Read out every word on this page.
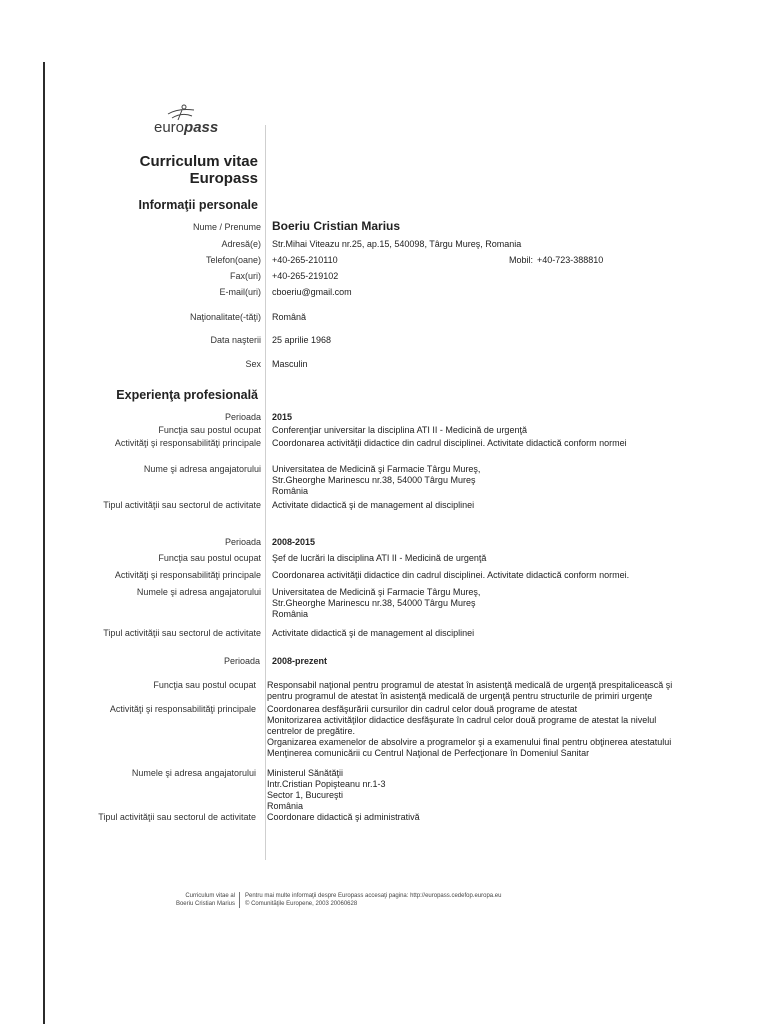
europass
Curriculum vitae
Europass
Informaţii personale
Nume / Prenume Boeriu Cristian Marius
Adresă(e) Str.Mihai Viteazu nr.25, ap.15, 540098, Târgu Mureş, Romania
Telefon(oane) +40-265-210110	Mobil: +40-723-388810
Fax(uri) +40-265-219102
E-mail(uri) cboeriu@gmail.com
Naţionalitate(-tăţi) Română
Data naşterii 25 aprilie 1968
Sex Masculin
Experienţa profesională
Perioada 2015
Funcţia sau postul ocupat Conferenţiar universitar la disciplina ATI II - Medicină de urgenţă
Activităţi şi responsabilităţi principale Coordonarea activităţii didactice din cadrul disciplinei. Activitate didactică conform normei
Nume şi adresa angajatorului Universitatea de Medicină şi Farmacie Târgu Mureş,
Str.Gheorghe Marinescu nr.38, 54000 Târgu Mureş
România
Tipul activităţii sau sectorul de activitate Activitate didactică şi de management al disciplinei
Perioada 2008-2015
Funcţia sau postul ocupat Şef de lucrări la disciplina ATI II - Medicină de urgenţă
Activităţi şi responsabilităţi principale Coordonarea activităţii didactice din cadrul disciplinei. Activitate didactică conform normei.
Numele şi adresa angajatorului Universitatea de Medicină şi Farmacie Târgu Mureş,
Str.Gheorghe Marinescu nr.38, 54000 Târgu Mureş
România
Tipul activităţii sau sectorul de activitate Activitate didactică şi de management al disciplinei
Perioada 2008-prezent
Funcţia sau postul ocupat Responsabil naţional pentru programul de atestat în asistenţă medicală de urgenţă prespitalicească şi
pentru programul de atestat în asistenţă medicală de urgenţă pentru structurile de primiri urgenţe
Activităţi şi responsabilităţi principale Coordonarea desfăşurării cursurilor din cadrul celor două programe de atestat
Monitorizarea activităţilor didactice desfăşurate în cadrul celor două programe de atestat la nivelul
centrelor de pregătire.
Organizarea examenelor de absolvire a programelor şi a examenului final pentru obţinerea atestatului
Menţinerea comunicării cu Centrul Naţional de Perfecţionare în Domeniul Sanitar
Numele şi adresa angajatorului Ministerul Sănătăţii
Intr.Cristian Popişteanu nr.1-3
Sector 1, Bucureşti
România
Tipul activităţii sau sectorul de activitate Coordonare didactică şi administrativă
Curriculum vitae al
Boeriu Cristian Marius
Pentru mai multe informaţii despre Europass accesaţi pagina: http://europass.cedefop.europa.eu
© Comunităţile Europene, 2003 20060628
